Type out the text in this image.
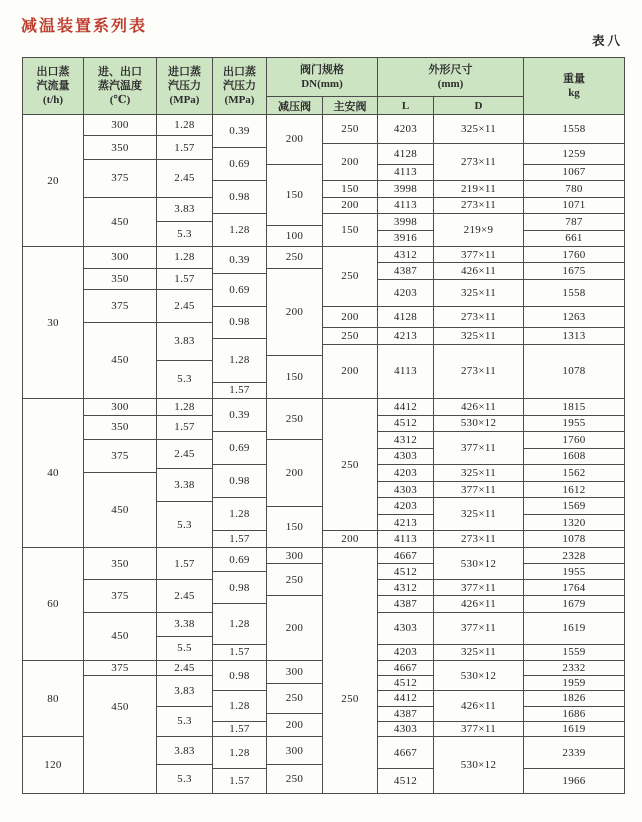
减温装置系列表
表八
出口蒸
汽流量
(t/h)
进、出口
蒸汽温度
(℃)
进口蒸
汽压力
(MPa)
出口蒸
汽压力
(MPa)
阀门规格
DN(mm)
减压阀	主安阀
外形尺寸
(mm)
L	D
重量
kg
20
300
350
375
450
1.28
1.57
2.45
3.83
5.3
0.39
0.69
0.98
1.28
200
150
100
250
200
150
200
150
4203
4128
4113
3998
4113
3998
3916
325×11
273×11
219×11
273×11
219×9
1558
1259
1067
780
1071
787
661
30
300
350
375
450
1.28
1.57
2.45
3.83
5.3
0.39
0.69
0.98
1.28
1.57
250
200
150
250
200
250
200
4312
4387
4203
4128
4213
4113
377×11
426×11
325×11
273×11
325×11
273×11
1760
1675
1558
1263
1313
1078
40
300
350
375
450
1.28
1.57
2.45
3.38
5.3
0.39
0.69
0.98
1.28
1.57
250
200
150
250
200
4412
4512
4312
4303
4203
4303
4203
4213
4113
426×11
530×12
377×11
325×11
377×11
325×11
273×11
1815
1955
1760
1608
1562
1612
1569
1320
1078
60
350
375
450
1.57
2.45
3.38
5.5
0.69
0.98
1.28
1.57
300
250
200
4667
4512
4312
4387
4303
4203
530×12
377×11
426×11
377×11
325×11
2328
1955
1764
1679
1619
1559
80
375
450
2.45
3.83
5.3
0.98
1.28
1.57
300
250
200
250
4667
4512
4412
4387
4303
530×12
426×11
377×11
2332
1959
1826
1686
1619
120
3.83
5.3
1.28
1.57
300
250
4667
4512
530×12
2339
1966
